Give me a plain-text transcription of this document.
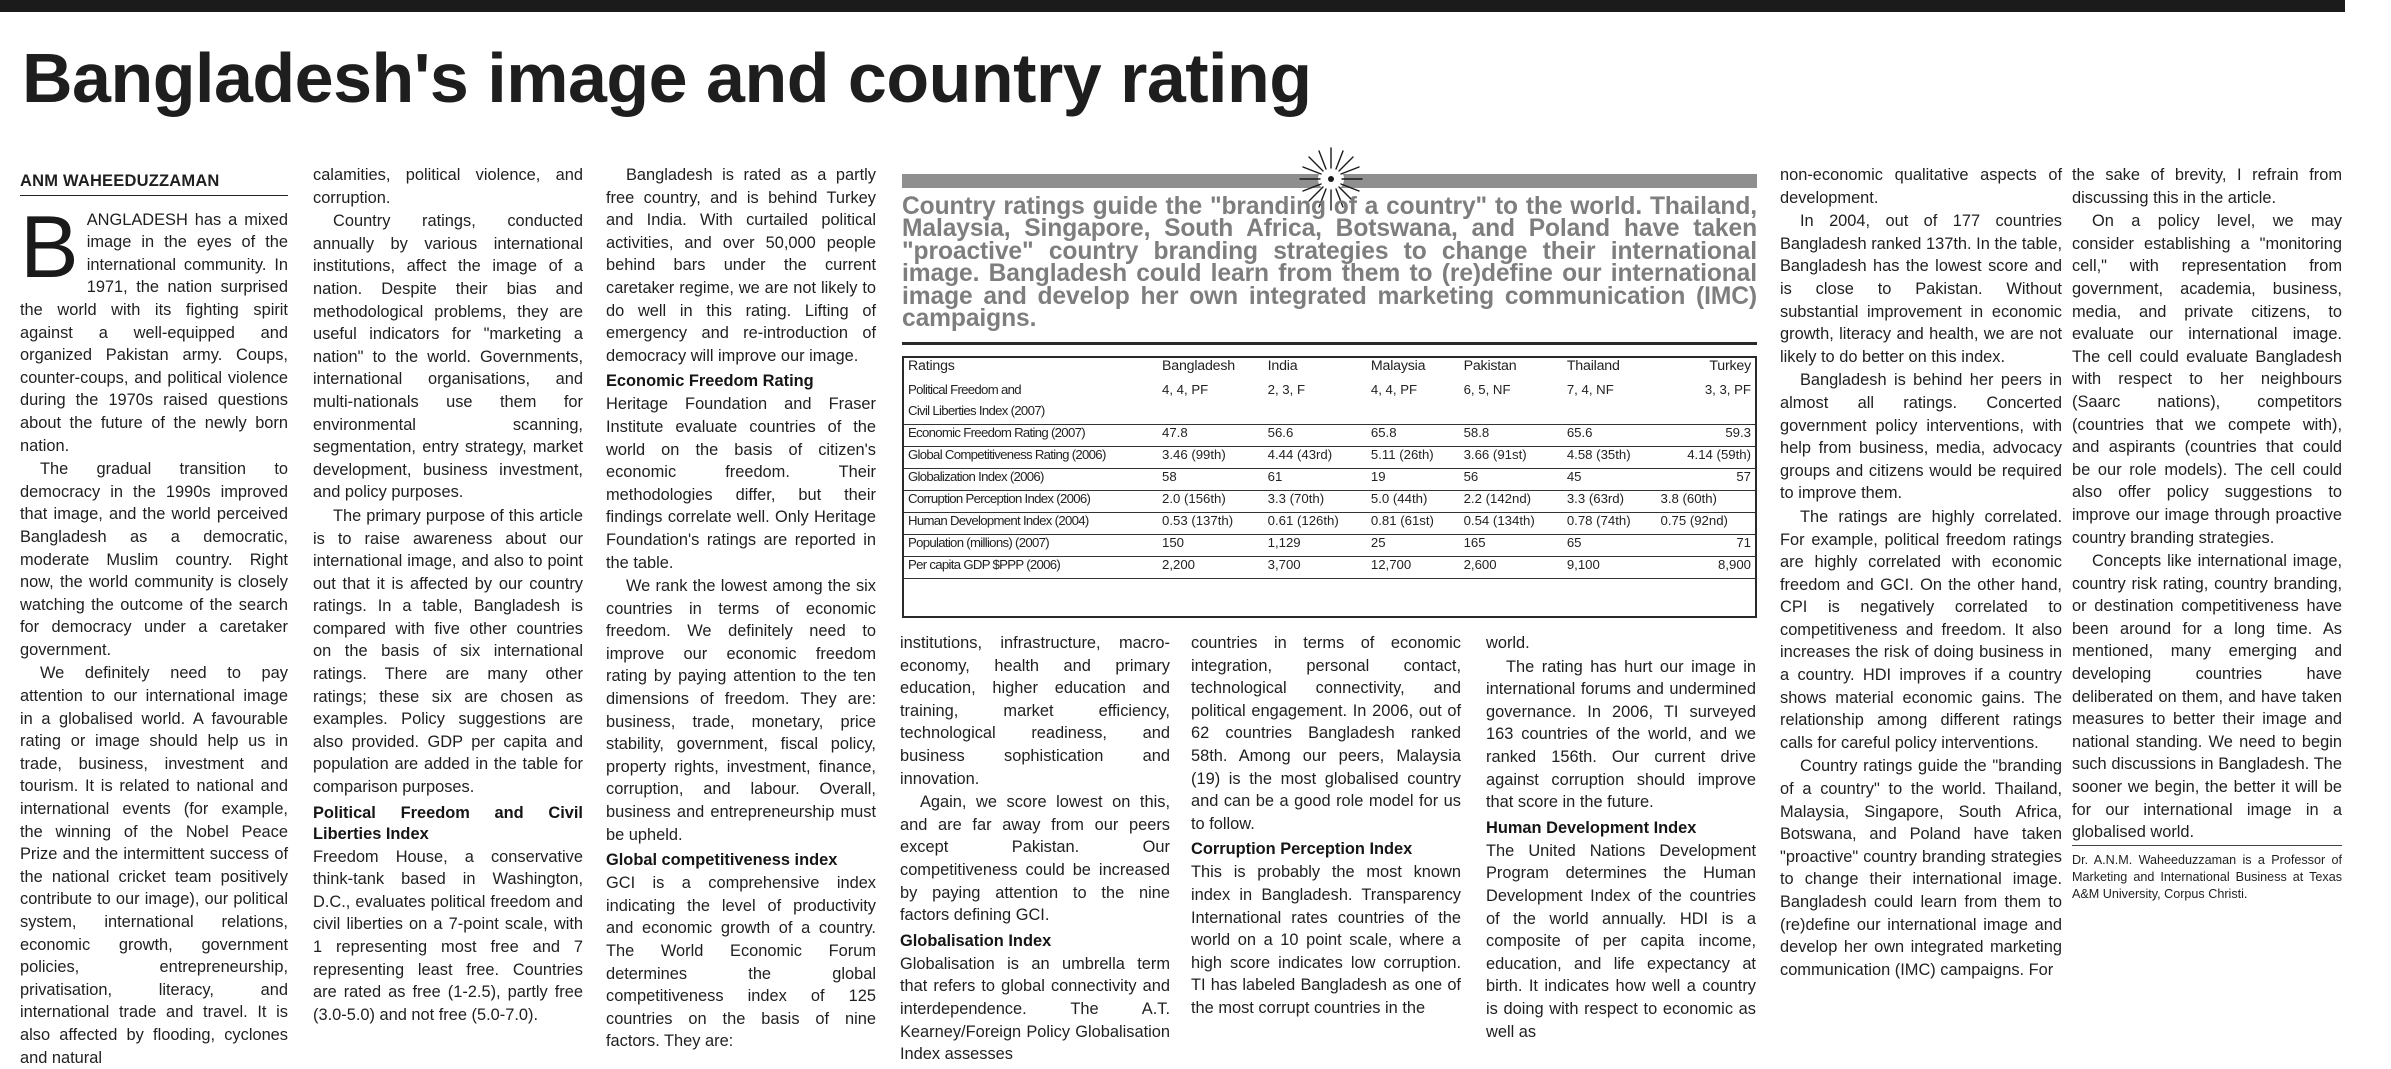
Bangladesh's image and country rating
ANM WAHEEDUZZAMAN

BANGLADESH has a mixed image in the eyes of the international community. In 1971, the nation surprised the world with its fighting spirit against a well-equipped and organized Pakistan army. Coups, counter-coups, and political violence during the 1970s raised questions about the future of the newly born nation.

The gradual transition to democracy in the 1990s improved that image, and the world perceived Bangladesh as a democratic, moderate Muslim country. Right now, the world community is closely watching the outcome of the search for democracy under a caretaker government.

We definitely need to pay attention to our international image in a globalised world. A favourable rating or image should help us in trade, business, investment and tourism. It is related to national and international events (for example, the winning of the Nobel Peace Prize and the intermittent success of the national cricket team positively contribute to our image), our political system, international relations, economic growth, government policies, entrepreneurship, privatisation, literacy, and international trade and travel. It is also affected by flooding, cyclones and natural

calamities, political violence, and corruption.

Country ratings, conducted annually by various international institutions, affect the image of a nation. Despite their bias and methodological problems, they are useful indicators for "marketing a nation" to the world. Governments, international organisations, and multi-nationals use them for environmental scanning, segmentation, entry strategy, market development, business investment, and policy purposes.

The primary purpose of this article is to raise awareness about our international image, and also to point out that it is affected by our country ratings. In a table, Bangladesh is compared with five other countries on the basis of six international ratings. There are many other ratings; these six are chosen as examples. Policy suggestions are also provided. GDP per capita and population are added in the table for comparison purposes.

Political Freedom and Civil Liberties Index

Freedom House, a conservative think-tank based in Washington, D.C., evaluates political freedom and civil liberties on a 7-point scale, with 1 representing most free and 7 representing least free. Countries are rated as free (1-2.5), partly free (3.0-5.0) and not free (5.0-7.0).

Bangladesh is rated as a partly free country, and is behind Turkey and India. With curtailed political activities, and over 50,000 people behind bars under the current caretaker regime, we are not likely to do well in this rating. Lifting of emergency and re-introduction of democracy will improve our image.

Economic Freedom Rating

Heritage Foundation and Fraser Institute evaluate countries of the world on the basis of citizen's economic freedom. Their methodologies differ, but their findings correlate well. Only Heritage Foundation's ratings are reported in the table.

We rank the lowest among the six countries in terms of economic freedom. We definitely need to improve our economic freedom rating by paying attention to the ten dimensions of freedom. They are: business, trade, monetary, price stability, government, fiscal policy, property rights, investment, finance, corruption, and labour. Overall, business and entrepreneurship must be upheld.

Global competitiveness index

GCI is a comprehensive index indicating the level of productivity and economic growth of a country. The World Economic Forum determines the global competitiveness index of 125 countries on the basis of nine factors. They are:

Country ratings guide the "branding of a country" to the world. Thailand, Malaysia, Singapore, South Africa, Botswana, and Poland have taken "proactive" country branding strategies to change their international image. Bangladesh could learn from them to (re)define our international image and develop her own integrated marketing communication (IMC) campaigns.

Ratings	Bangladesh	India	Malaysia	Pakistan	Thailand	Turkey
Political Freedom and	4, 4, PF	2, 3, F	4, 4, PF	6, 5, NF	7, 4, NF	3, 3, PF
Civil Liberties Index (2007)						
Economic Freedom Rating (2007)	47.8	56.6	65.8	58.8	65.6	59.3
Global Competitiveness Rating (2006)	3.46 (99th)	4.44 (43rd)	5.11 (26th)	3.66 (91st)	4.58 (35th)	4.14 (59th)
Globalization Index (2006)	58	61	19	56	45	57
Corruption Perception Index (2006)	2.0 (156th)	3.3 (70th)	5.0 (44th)	2.2 (142nd)	3.3 (63rd)	3.8 (60th)
Human Development Index (2004)	0.53 (137th)	0.61 (126th)	0.81 (61st)	0.54 (134th)	0.78 (74th)	0.75 (92nd)
Population (millions) (2007)	150	1,129	25	165	65	71
Per capita GDP $PPP (2006)	2,200	3,700	12,700	2,600	9,100	8,900

institutions, infrastructure, macro-economy, health and primary education, higher education and training, market efficiency, technological readiness, and business sophistication and innovation.

Again, we score lowest on this, and are far away from our peers except Pakistan. Our competitiveness could be increased by paying attention to the nine factors defining GCI.

Globalisation Index

Globalisation is an umbrella term that refers to global connectivity and interdependence. The A.T. Kearney/Foreign Policy Globalisation Index assesses

countries in terms of economic integration, personal contact, technological connectivity, and political engagement. In 2006, out of 62 countries Bangladesh ranked 58th. Among our peers, Malaysia (19) is the most globalised country and can be a good role model for us to follow.

Corruption Perception Index

This is probably the most known index in Bangladesh. Transparency International rates countries of the world on a 10 point scale, where a high score indicates low corruption. TI has labeled Bangladesh as one of the most corrupt countries in the

world.

The rating has hurt our image in international forums and undermined governance. In 2006, TI surveyed 163 countries of the world, and we ranked 156th. Our current drive against corruption should improve that score in the future.

Human Development Index

The United Nations Development Program determines the Human Development Index of the countries of the world annually. HDI is a composite of per capita income, education, and life expectancy at birth. It indicates how well a country is doing with respect to economic as well as

non-economic qualitative aspects of development.

In 2004, out of 177 countries Bangladesh ranked 137th. In the table, Bangladesh has the lowest score and is close to Pakistan. Without substantial improvement in economic growth, literacy and health, we are not likely to do better on this index.

Bangladesh is behind her peers in almost all ratings. Concerted government policy interventions, with help from business, media, advocacy groups and citizens would be required to improve them.

The ratings are highly correlated. For example, political freedom ratings are highly correlated with economic freedom and GCI. On the other hand, CPI is negatively correlated to competitiveness and freedom. It also increases the risk of doing business in a country. HDI improves if a country shows material economic gains. The relationship among different ratings calls for careful policy interventions.

Country ratings guide the "branding of a country" to the world. Thailand, Malaysia, Singapore, South Africa, Botswana, and Poland have taken "proactive" country branding strategies to change their international image. Bangladesh could learn from them to (re)define our international image and develop her own integrated marketing communication (IMC) campaigns. For

the sake of brevity, I refrain from discussing this in the article.

On a policy level, we may consider establishing a "monitoring cell," with representation from government, academia, business, media, and private citizens, to evaluate our international image. The cell could evaluate Bangladesh with respect to her neighbours (Saarc nations), competitors (countries that we compete with), and aspirants (countries that could be our role models). The cell could also offer policy suggestions to improve our image through proactive country branding strategies.

Concepts like international image, country risk rating, country branding, or destination competitiveness have been around for a long time. As mentioned, many emerging and developing countries have deliberated on them, and have taken measures to better their image and national standing. We need to begin such discussions in Bangladesh. The sooner we begin, the better it will be for our international image in a globalised world.

Dr. A.N.M. Waheeduzzaman is a Professor of Marketing and International Business at Texas A&M University, Corpus Christi.
